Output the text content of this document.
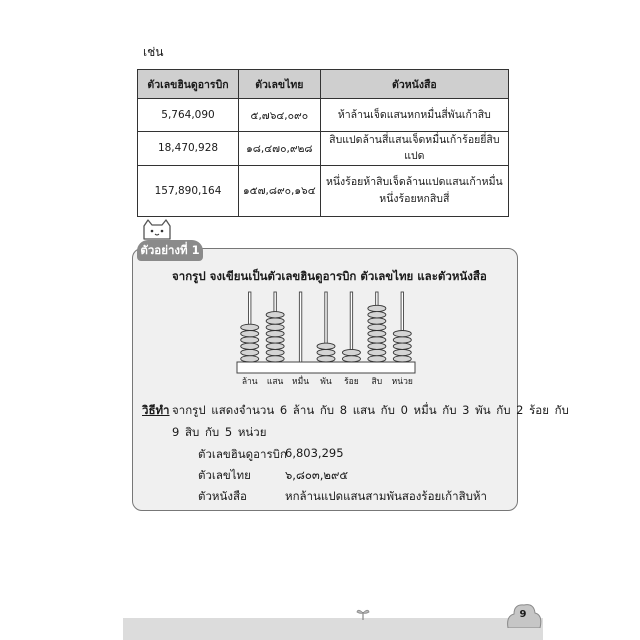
เช่น
ตัวเลขฮินดูอารบิก	ตัวเลขไทย	ตัวหนังสือ
5,764,090	๕,๗๖๔,๐๙๐	ห้าล้านเจ็ดแสนหกหมื่นสี่พันเก้าสิบ
18,470,928	๑๘,๔๗๐,๙๒๘	สิบแปดล้านสี่แสนเจ็ดหมื่นเก้าร้อยยี่สิบแปด
157,890,164	๑๕๗,๘๙๐,๑๖๔	หนึ่งร้อยห้าสิบเจ็ดล้านแปดแสนเก้าหมื่น
หนึ่งร้อยหกสิบสี่
ตัวอย่างที่ 1
จากรูป จงเขียนเป็นตัวเลขฮินดูอารบิก ตัวเลขไทย และตัวหนังสือ
ล้าน	แสน	หมื่น	พัน	ร้อย	สิบ	หน่วย
วิธีทำ จากรูป แสดงจำนวน 6 ล้าน กับ 8 แสน กับ 0 หมื่น กับ 3 พัน กับ 2 ร้อย กับ
9 สิบ กับ 5 หน่วย
ตัวเลขฮินดูอารบิก
6,803,295
ตัวเลขไทย	๖,๘๐๓,๒๙๕
ตัวหนังสือ	หกล้านแปดแสนสามพันสองร้อยเก้าสิบห้า
9
